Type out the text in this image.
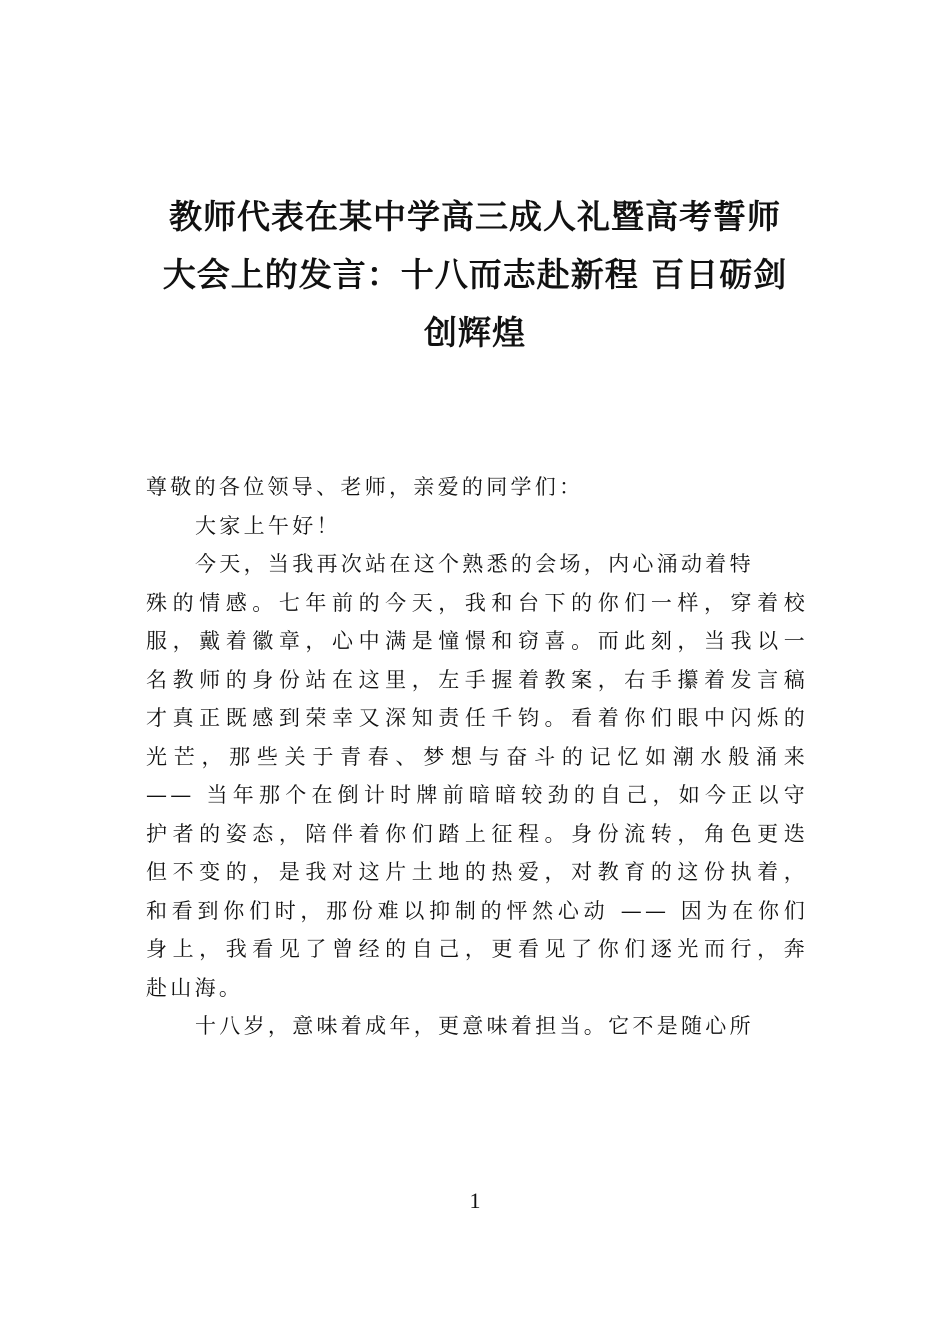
教师代表在某中学高三成人礼暨高考誓师
大会上的发言：十八而志赴新程 百日砺剑
创辉煌

尊敬的各位领导、老师，亲爱的同学们：

大家上午好！

今天，当我再次站在这个熟悉的会场，内心涌动着特
殊的情感。七年前的今天，我和台下的你们一样，穿着校
服，戴着徽章，心中满是憧憬和窃喜。而此刻，当我以一
名教师的身份站在这里，左手握着教案，右手攥着发言稿
才真正既感到荣幸又深知责任千钧。看着你们眼中闪烁的
光芒，那些关于青春、梦想与奋斗的记忆如潮水般涌来
—— 当年那个在倒计时牌前暗暗较劲的自己，如今正以守
护者的姿态，陪伴着你们踏上征程。身份流转，角色更迭
但不变的，是我对这片土地的热爱，对教育的这份执着，
和看到你们时，那份难以抑制的怦然心动 —— 因为在你们
身上，我看见了曾经的自己，更看见了你们逐光而行，奔
赴山海。

十八岁，意味着成年，更意味着担当。它不是随心所

1
